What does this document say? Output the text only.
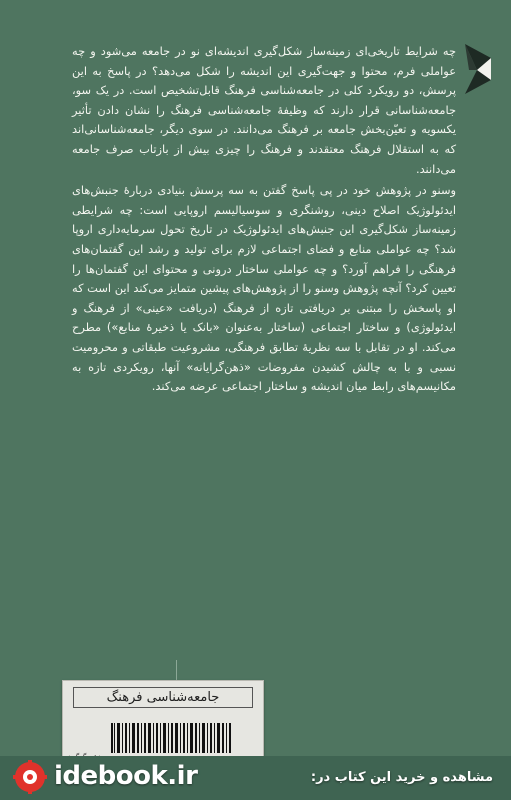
چه شرایط تاریخی‌ای زمینه‌ساز شکل‌گیری اندیشه‌ای نو در جامعه می‌شود و چه عواملی فرم، محتوا و جهت‌گیری این اندیشه را شکل می‌دهد؟ در پاسخ به این پرسش، دو رویکرد کلی در جامعه‌شناسی فرهنگ قابل‌تشخیص است. در یک سو، جامعه‌شناسانی قرار دارند که وظیفهٔ جامعه‌شناسی فرهنگ را نشان دادن تأثیر یکسویه و تعیّن‌بخش جامعه بر فرهنگ می‌دانند. در سوی دیگر، جامعه‌شناسانی‌اند که به استقلال فرهنگ معتقدند و فرهنگ را چیزی بیش از بازتاب صرف جامعه می‌دانند.

وسنو در پژوهش خود در پی پاسخ گفتن به سه پرسش بنیادی دربارهٔ جنبش‌های ایدئولوژیک اصلاح دینی، روشنگری و سوسیالیسم اروپایی است: چه شرایطی زمینه‌ساز شکل‌گیری این جنبش‌های ایدئولوژیک در تاریخ تحول سرمایه‌داری اروپا شد؟ چه عواملی منابع و فضای اجتماعی لازم برای تولید و رشد این گفتمان‌های فرهنگی را فراهم آورد؟ و چه عواملی ساختار درونی و محتوای این گفتمان‌ها را تعیین کرد؟ آنچه پژوهش وسنو را از پژوهش‌های پیشین متمایز می‌کند این است که او پاسخش را مبتنی بر دریافتی تازه از فرهنگ (دریافت «عینی» از فرهنگ و ایدئولوژی) و ساختار اجتماعی (ساختار به‌عنوان «بانک یا ذخیرهٔ منابع») مطرح می‌کند. او در تقابل با سه نظریهٔ تطابق فرهنگی، مشروعیت طبقاتی و محرومیت نسبی و با به چالش کشیدن مفروضات «ذهن‌گرایانه» آنها، رویکردی تازه به مکانیسم‌های رابط میان اندیشه و ساختار اجتماعی عرضه می‌کند.

جامعه‌شناسی فرهنگ
idebook.ir	مشاهده و خرید این کتاب در:
